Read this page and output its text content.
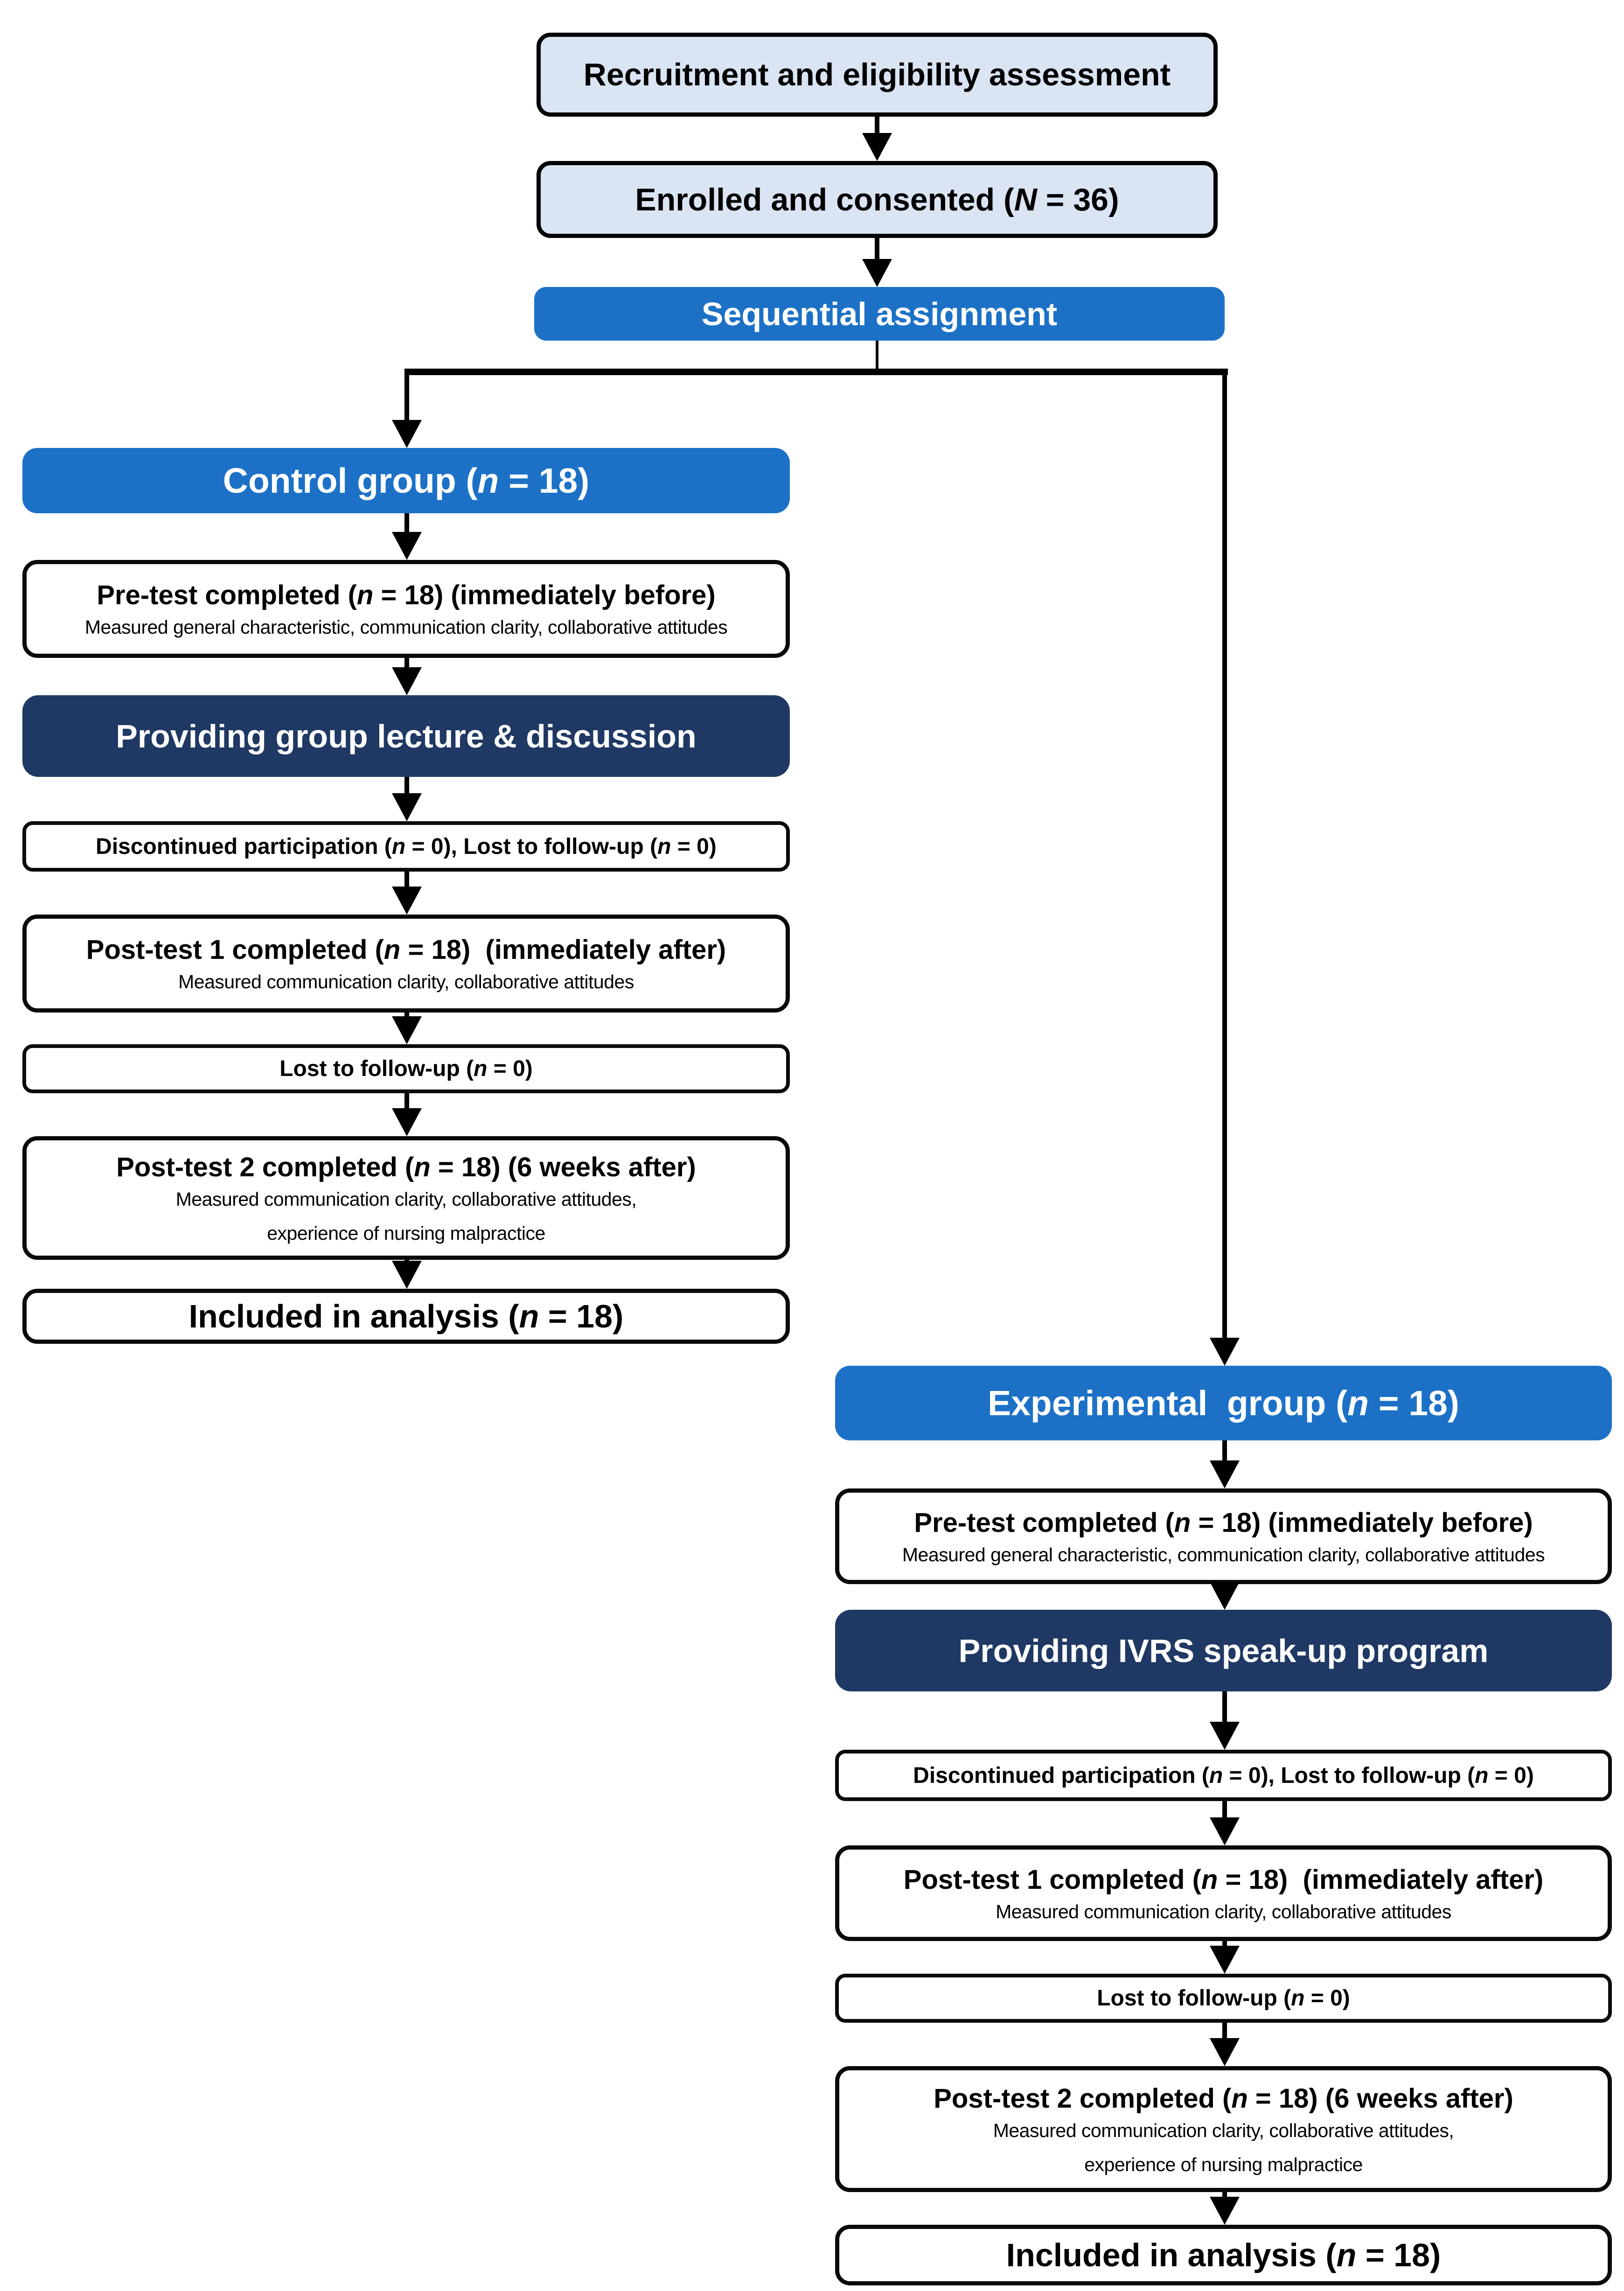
Recruitment and eligibility assessment
Enrolled and consented (N = 36)
Sequential assignment
Control group (n = 18)
Pre-test completed (n = 18) (immediately before)
Measured general characteristic, communication clarity, collaborative attitudes
Providing group lecture & discussion
Discontinued participation (n = 0), Lost to follow-up (n = 0)
Post-test 1 completed (n = 18)  (immediately after)
Measured communication clarity, collaborative attitudes
Lost to follow-up (n = 0)
Post-test 2 completed (n = 18) (6 weeks after)
Measured communication clarity, collaborative attitudes,
experience of nursing malpractice
Included in analysis (n = 18)
Experimental  group (n = 18)
Pre-test completed (n = 18) (immediately before)
Measured general characteristic, communication clarity, collaborative attitudes
Providing IVRS speak-up program
Discontinued participation (n = 0), Lost to follow-up (n = 0)
Post-test 1 completed (n = 18)  (immediately after)
Measured communication clarity, collaborative attitudes
Lost to follow-up (n = 0)
Post-test 2 completed (n = 18) (6 weeks after)
Measured communication clarity, collaborative attitudes,
experience of nursing malpractice
Included in analysis (n = 18)
